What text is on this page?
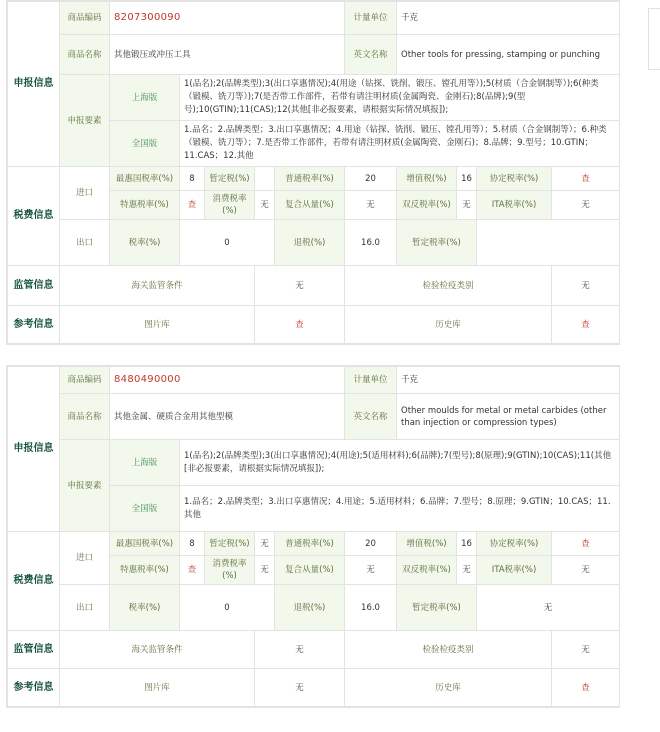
申报信息	商品编码	8207300090					计量单位	千克			
	商品名称	其他锻压或冲压工具					英文名称	Other tools for pressing, stamping or punching			
	申报要素	上海版	1(品名);2(品牌类型);3(出口享惠情况);4(用途（钻探、铣削、锻压、镗孔用等）);5(材质（合金钢制等）);6(种类（锻模、铣刀等）);7(是否带工作部件，若带有请注明材质(金属陶瓷、金刚石);8(品牌);9(型号);10(GTIN);11(CAS);12(其他[非必报要素，请根据实际情况填报]);								
		全国版	1.品名；2.品牌类型；3.出口享惠情况；4.用途（钻探、铣削、锻压、镗孔用等）；5.材质（合金钢制等）；6.种类（锻模、铣刀等）；7.是否带工作部件，若带有请注明材质(金属陶瓷、金刚石)；8.品牌；9.型号；10.GTIN；11.CAS；12.其他								
税费信息	进口	最惠国税率(%)	8	暂定税(%)		普通税率(%)	20	增值税(%)	16	协定税率(%)	查
		特惠税率(%)	查	消费税率(%)	无	复合从量(%)	无	双反税率(%)	无	ITA税率(%)	无
	出口	税率(%)	0			退税(%)	16.0	暂定税率(%)			
监管信息	海关监管条件				无		检验检疫类别				无
参考信息	图片库				查		历史库				查
申报信息	商品编码	8480490000					计量单位	千克			
	商品名称	其他金属、硬质合金用其他型模					英文名称	Other moulds for metal or metal carbides (other than injection or compression types)			
	申报要素	上海版	1(品名);2(品牌类型);3(出口享惠情况);4(用途);5(适用材料);6(品牌);7(型号);8(原理);9(GTIN);10(CAS);11(其他[非必报要素，请根据实际情况填报]);								
		全国版	1.品名；2.品牌类型；3.出口享惠情况；4.用途；5.适用材料；6.品牌；7.型号；8.原理；9.GTIN；10.CAS；11.其他								
税费信息	进口	最惠国税率(%)	8	暂定税(%)	无	普通税率(%)	20	增值税(%)	16	协定税率(%)	查
		特惠税率(%)	查	消费税率(%)	无	复合从量(%)	无	双反税率(%)	无	ITA税率(%)	无
	出口	税率(%)	0			退税(%)	16.0	暂定税率(%)		无	
监管信息	海关监管条件				无		检验检疫类别				无
参考信息	图片库				无		历史库				查
